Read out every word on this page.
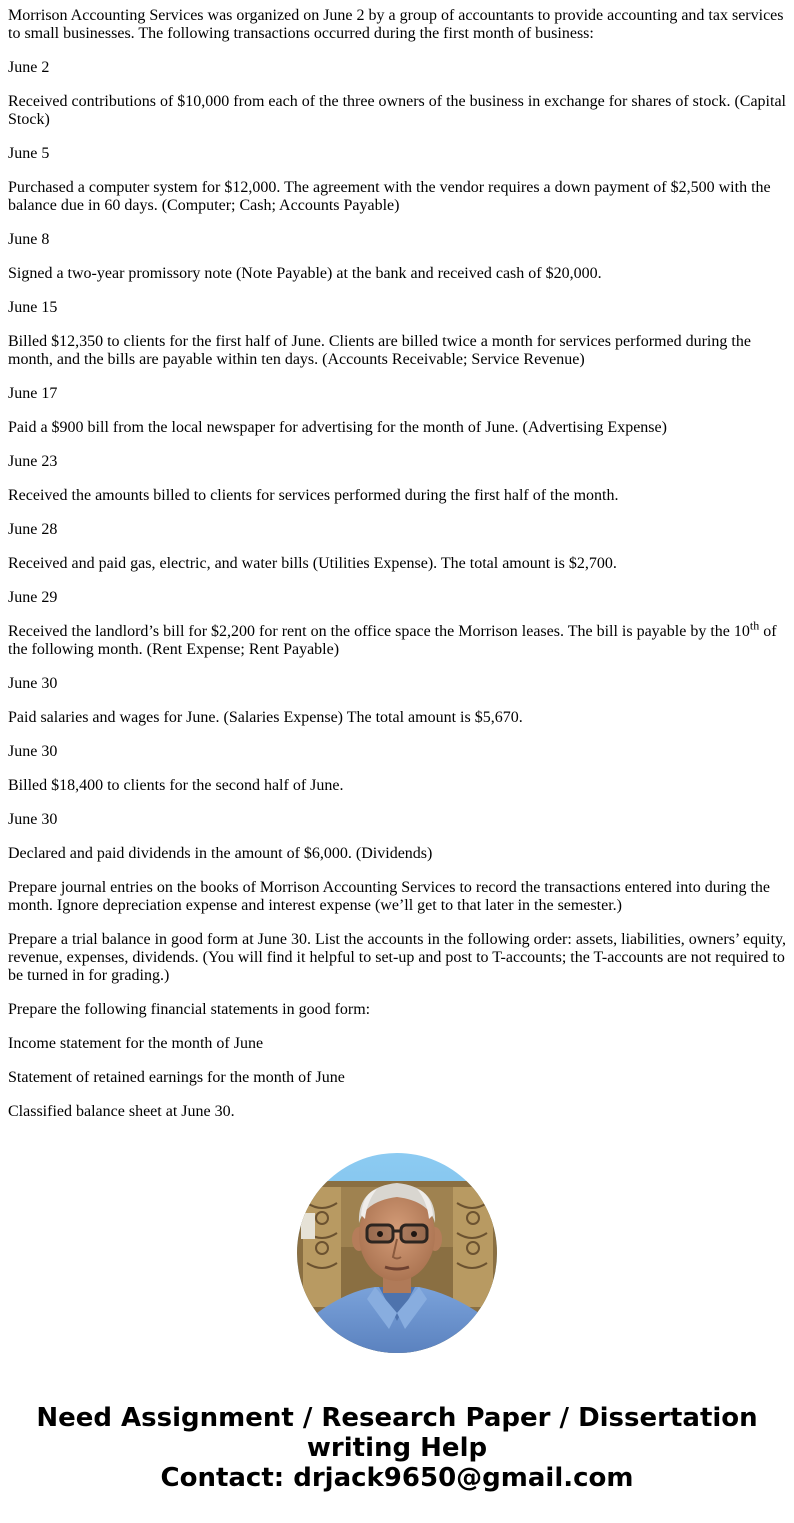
Morrison Accounting Services was organized on June 2 by a group of accountants to provide accounting and tax services to small businesses. The following transactions occurred during the first month of business:

June 2

Received contributions of $10,000 from each of the three owners of the business in exchange for shares of stock. (Capital Stock)

June 5

Purchased a computer system for $12,000. The agreement with the vendor requires a down payment of $2,500 with the balance due in 60 days. (Computer; Cash; Accounts Payable)

June 8

Signed a two-year promissory note (Note Payable) at the bank and received cash of $20,000.

June 15

Billed $12,350 to clients for the first half of June. Clients are billed twice a month for services performed during the month, and the bills are payable within ten days. (Accounts Receivable; Service Revenue)

June 17

Paid a $900 bill from the local newspaper for advertising for the month of June. (Advertising Expense)

June 23

Received the amounts billed to clients for services performed during the first half of the month.

June 28

Received and paid gas, electric, and water bills (Utilities Expense). The total amount is $2,700.

June 29

Received the landlord’s bill for $2,200 for rent on the office space the Morrison leases. The bill is payable by the 10th of the following month. (Rent Expense; Rent Payable)

June 30

Paid salaries and wages for June. (Salaries Expense) The total amount is $5,670.

June 30

Billed $18,400 to clients for the second half of June.

June 30

Declared and paid dividends in the amount of $6,000. (Dividends)

Prepare journal entries on the books of Morrison Accounting Services to record the transactions entered into during the month. Ignore depreciation expense and interest expense (we’ll get to that later in the semester.)

Prepare a trial balance in good form at June 30. List the accounts in the following order: assets, liabilities, owners’ equity, revenue, expenses, dividends. (You will find it helpful to set-up and post to T-accounts; the T-accounts are not required to be turned in for grading.)

Prepare the following financial statements in good form:

Income statement for the month of June

Statement of retained earnings for the month of June

Classified balance sheet at June 30.

Need Assignment / Research Paper / Dissertation
writing Help
Contact: drjack9650@gmail.com
